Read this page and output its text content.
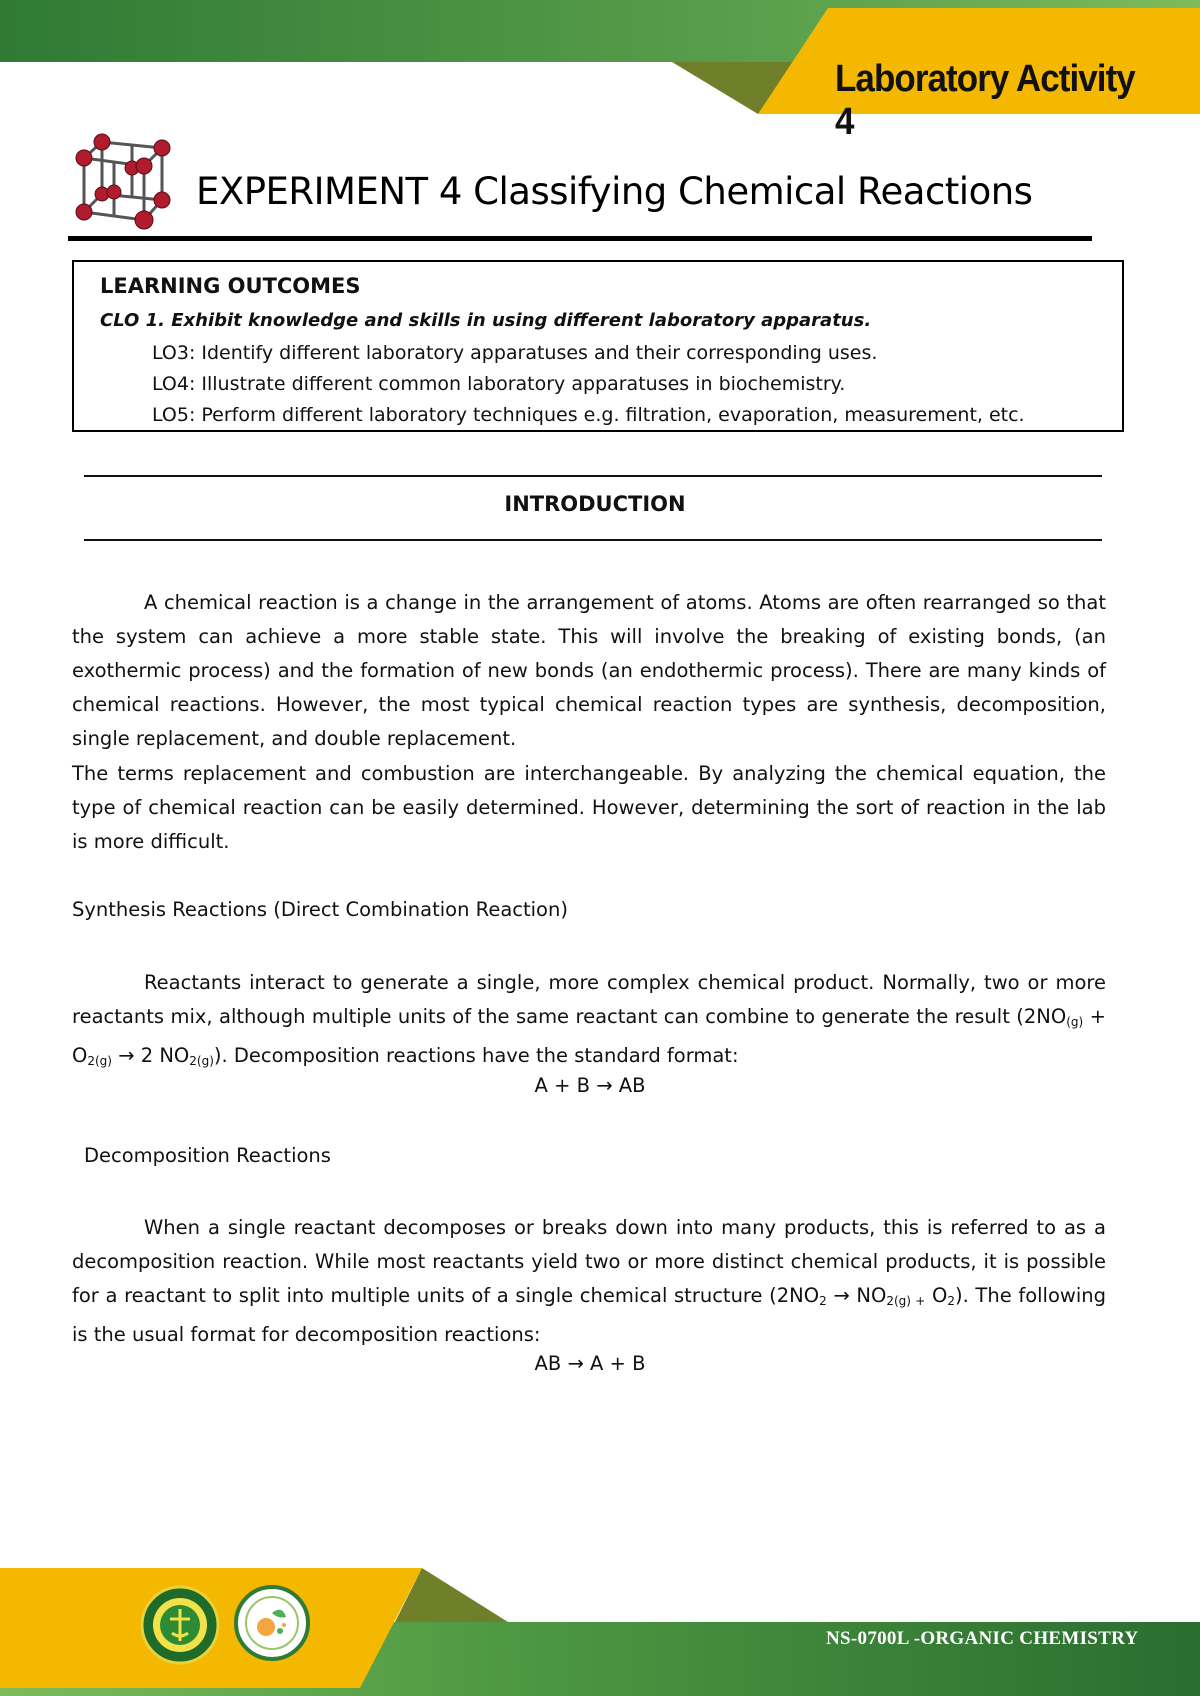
Laboratory Activity 4
EXPERIMENT 4 Classifying Chemical Reactions
LEARNING OUTCOMES
CLO 1. Exhibit knowledge and skills in using different laboratory apparatus.
LO3: Identify different laboratory apparatuses and their corresponding uses.
LO4: Illustrate different common laboratory apparatuses in biochemistry.
LO5: Perform different laboratory techniques e.g. filtration, evaporation, measurement, etc.
INTRODUCTION

A chemical reaction is a change in the arrangement of atoms. Atoms are often rearranged so that the system can achieve a more stable state. This will involve the breaking of existing bonds, (an exothermic process) and the formation of new bonds (an endothermic process). There are many kinds of chemical reactions. However, the most typical chemical reaction types are synthesis, decomposition, single replacement, and double replacement.

The terms replacement and combustion are interchangeable. By analyzing the chemical equation, the type of chemical reaction can be easily determined. However, determining the sort of reaction in the lab is more difficult.

Synthesis Reactions (Direct Combination Reaction)

Reactants interact to generate a single, more complex chemical product. Normally, two or more reactants mix, although multiple units of the same reactant can combine to generate the result ($2NO_{(g)} + O_{2(g)} \to 2$ $NO_{2(g)}$). Decomposition reactions have the standard format:

A + B → AB
Decomposition Reactions

When a single reactant decomposes or breaks down into many products, this is referred to as a decomposition reaction. While most reactants yield two or more distinct chemical products, it is possible for a reactant to split into multiple units of a single chemical structure ($2NO_2 \to NO_{2(g) +}$ $O_2$). The following is the usual format for decomposition reactions:

AB → A + B
NS-0700L -ORGANIC CHEMISTRY
